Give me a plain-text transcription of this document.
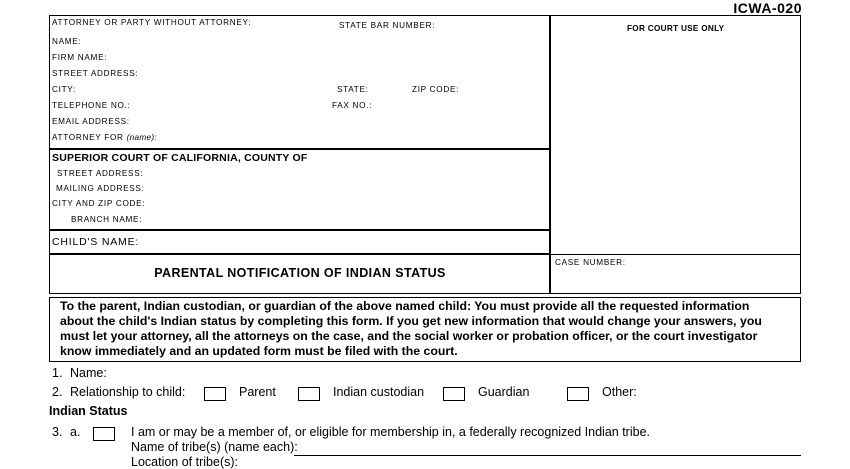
ICWA-020
ATTORNEY OR PARTY WITHOUT ATTORNEY:	STATE BAR NUMBER:
NAME:
FIRM NAME:
STREET ADDRESS:
CITY:	STATE:	ZIP CODE:
TELEPHONE NO.:	FAX NO.:
EMAIL ADDRESS:
ATTORNEY FOR (name):
FOR COURT USE ONLY
SUPERIOR COURT OF CALIFORNIA, COUNTY OF
STREET ADDRESS:
MAILING ADDRESS:
CITY AND ZIP CODE:
BRANCH NAME:
CHILD'S NAME:
PARENTAL NOTIFICATION OF INDIAN STATUS
CASE NUMBER:
To the parent, Indian custodian, or guardian of the above named child: You must provide all the requested information
about the child's Indian status by completing this form. If you get new information that would change your answers, you
must let your attorney, all the attorneys on the case, and the social worker or probation officer, or the court investigator
know immediately and an updated form must be filed with the court.
1. Name:
2. Relationship to child:	Parent	Indian custodian	Guardian	Other:
Indian Status
3. a.	I am or may be a member of, or eligible for membership in, a federally recognized Indian tribe.
Name of tribe(s) (name each):
Location of tribe(s):
